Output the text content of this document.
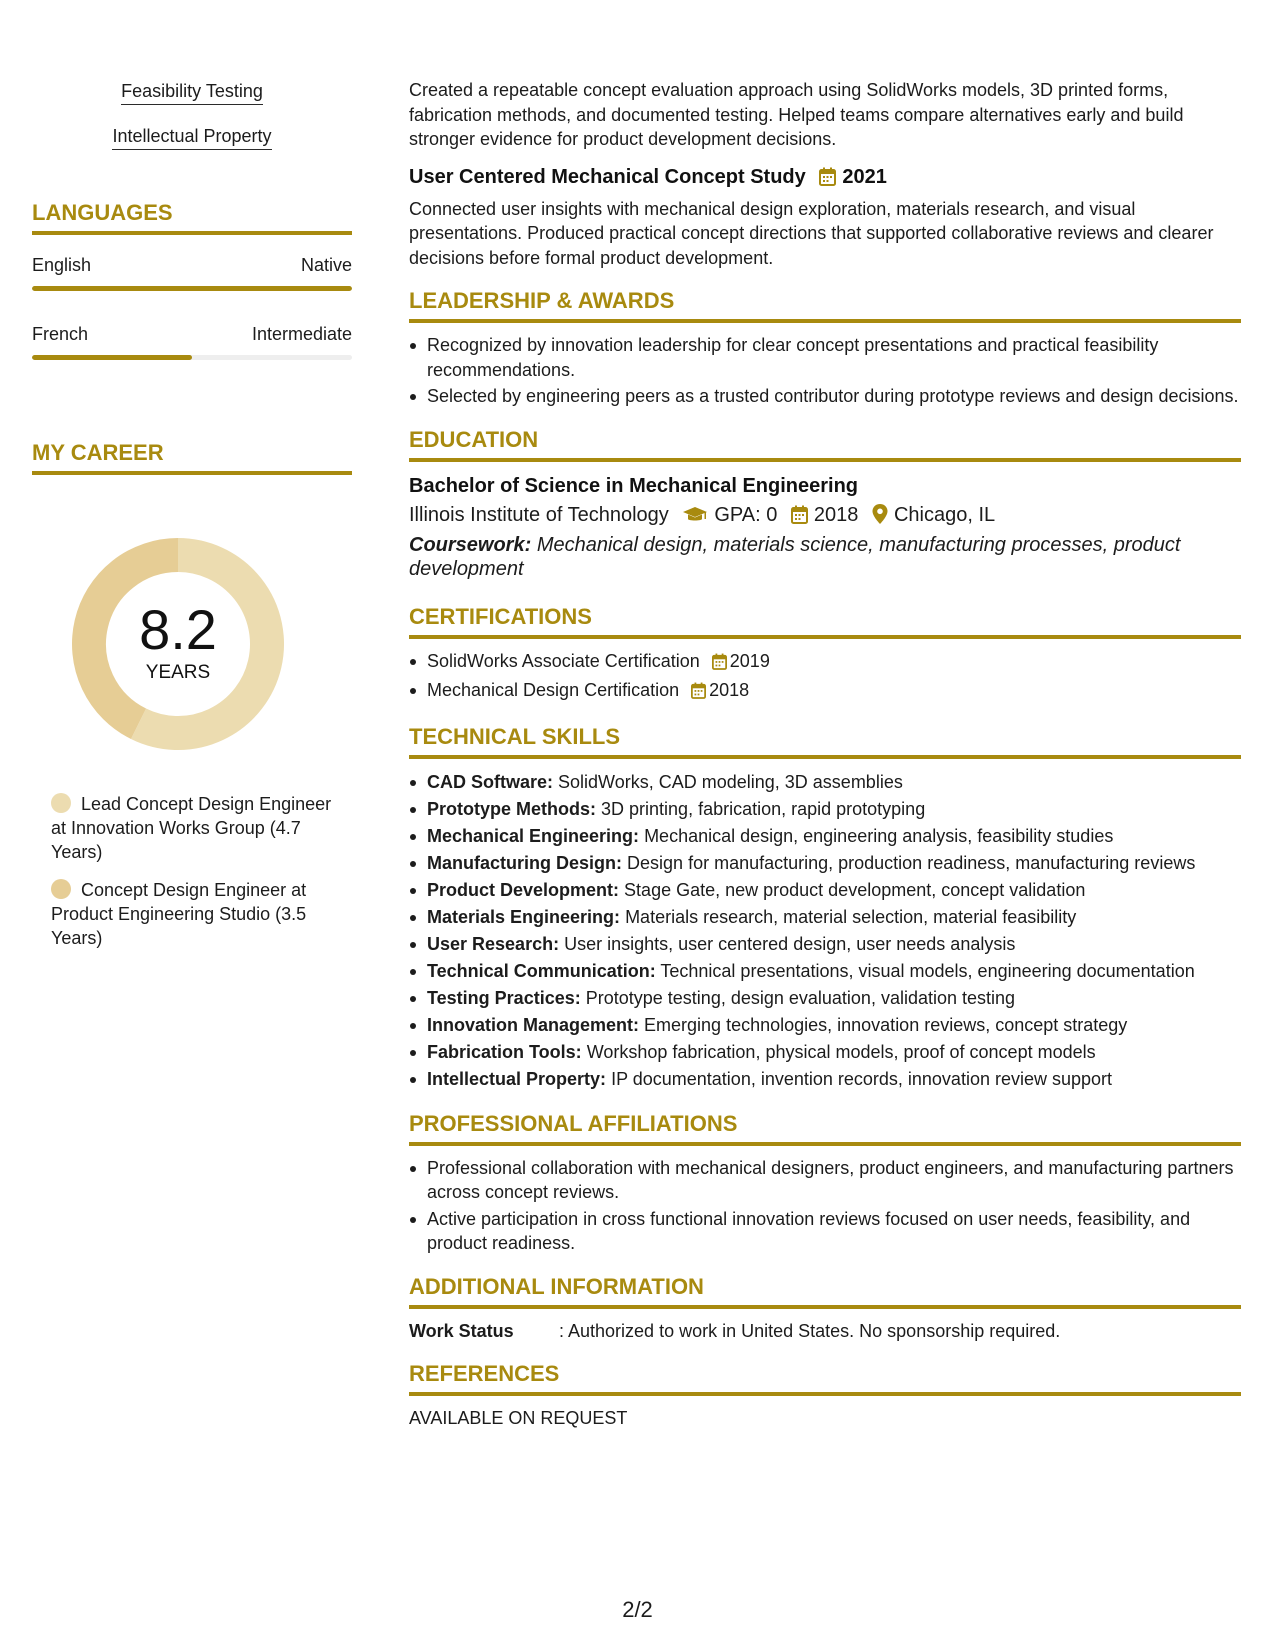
Feasibility Testing
Intellectual Property
LANGUAGES
English	Native
French	Intermediate
MY CAREER
8.2
YEARS
Lead Concept Design Engineer at Innovation Works Group (4.7 Years)
Concept Design Engineer at Product Engineering Studio (3.5 Years)

Created a repeatable concept evaluation approach using SolidWorks models, 3D printed forms, fabrication methods, and documented testing. Helped teams compare alternatives early and build stronger evidence for product development decisions.

User Centered Mechanical Concept Study 2021

Connected user insights with mechanical design exploration, materials research, and visual presentations. Produced practical concept directions that supported collaborative reviews and clearer decisions before formal product development.

LEADERSHIP & AWARDS
Recognized by innovation leadership for clear concept presentations and practical feasibility recommendations.
Selected by engineering peers as a trusted contributor during prototype reviews and design decisions.
EDUCATION
Bachelor of Science in Mechanical Engineering
Illinois Institute of Technology GPA: 0 2018 Chicago, IL
Coursework: Mechanical design, materials science, manufacturing processes, product development
CERTIFICATIONS
SolidWorks Associate Certification 2019
Mechanical Design Certification 2018
TECHNICAL SKILLS
CAD Software: SolidWorks, CAD modeling, 3D assemblies
Prototype Methods: 3D printing, fabrication, rapid prototyping
Mechanical Engineering: Mechanical design, engineering analysis, feasibility studies
Manufacturing Design: Design for manufacturing, production readiness, manufacturing reviews
Product Development: Stage Gate, new product development, concept validation
Materials Engineering: Materials research, material selection, material feasibility
User Research: User insights, user centered design, user needs analysis
Technical Communication: Technical presentations, visual models, engineering documentation
Testing Practices: Prototype testing, design evaluation, validation testing
Innovation Management: Emerging technologies, innovation reviews, concept strategy
Fabrication Tools: Workshop fabrication, physical models, proof of concept models
Intellectual Property: IP documentation, invention records, innovation review support
PROFESSIONAL AFFILIATIONS
Professional collaboration with mechanical designers, product engineers, and manufacturing partners across concept reviews.
Active participation in cross functional innovation reviews focused on user needs, feasibility, and product readiness.
ADDITIONAL INFORMATION
Work Status	: Authorized to work in United States. No sponsorship required.
REFERENCES
AVAILABLE ON REQUEST
2/2
